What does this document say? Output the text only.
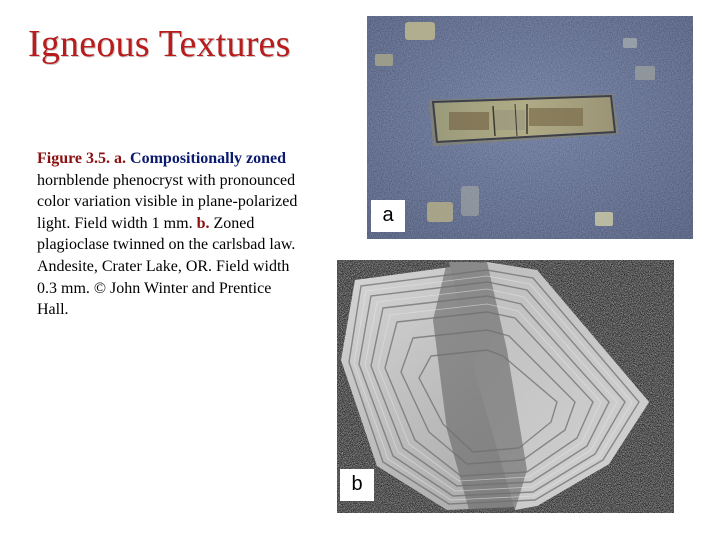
Igneous Textures
Figure 3.5. a. Compositionally zoned hornblende phenocryst with pronounced color variation visible in plane-polarized light. Field width 1 mm. b. Zoned plagioclase twinned on the carlsbad law. Andesite, Crater Lake, OR. Field width 0.3 mm. © John Winter and Prentice Hall.
a
b
